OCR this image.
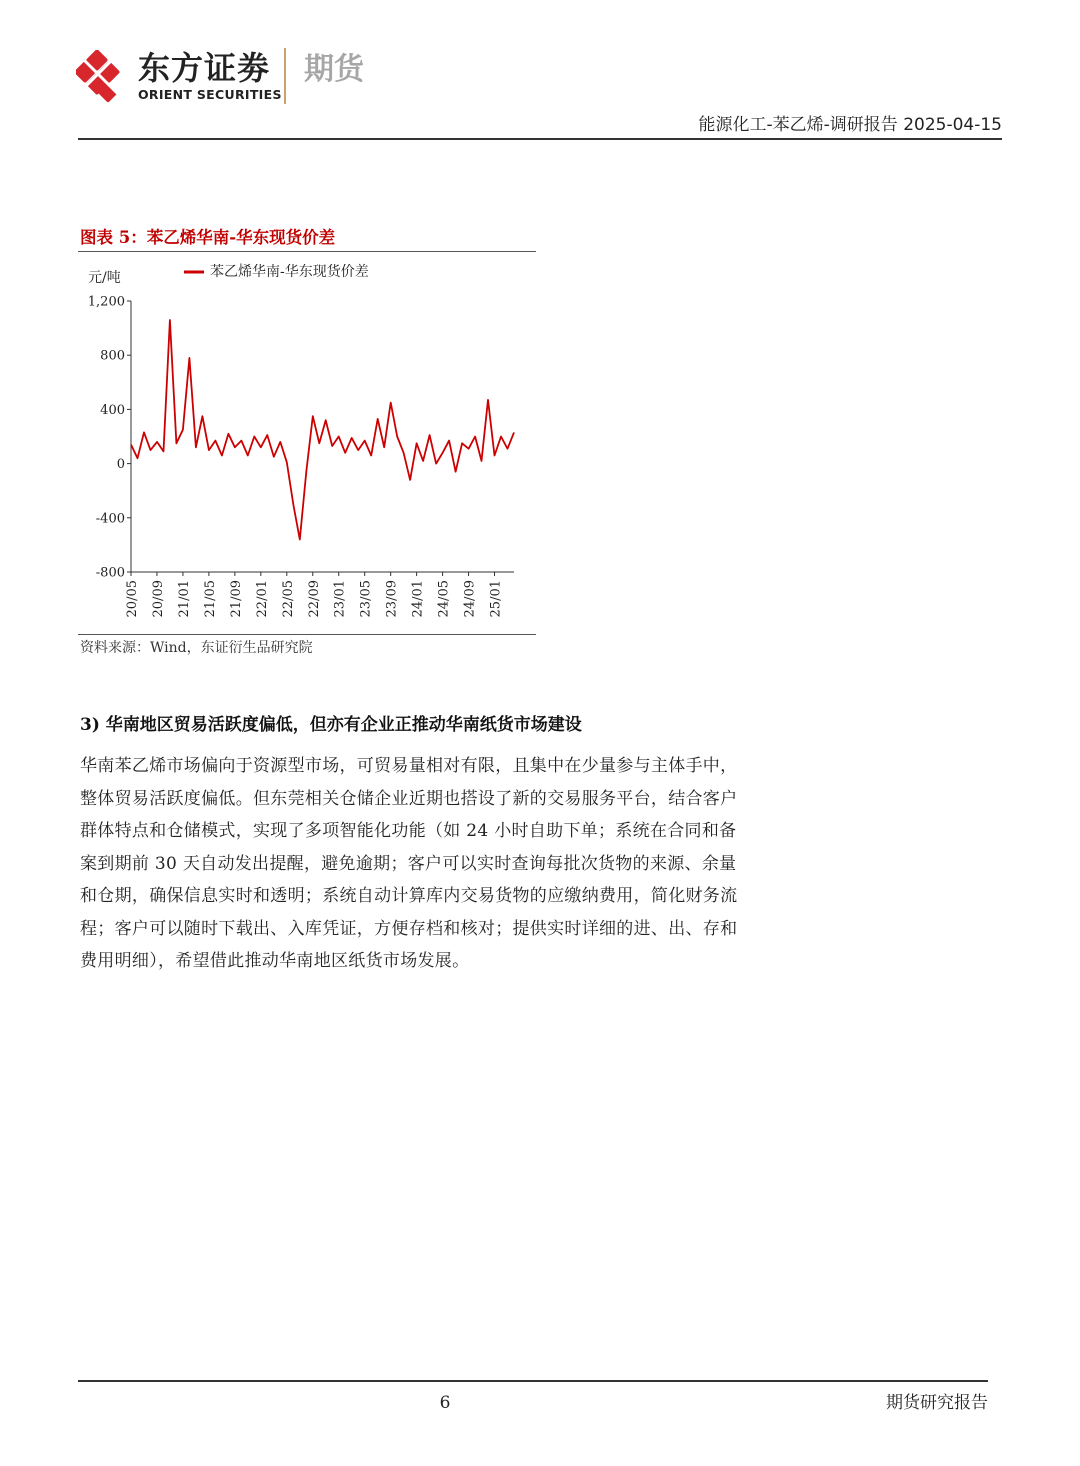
东方证劵
ORIENT SECURITIES
期货
能源化工-苯乙烯-调研报告 2025-04-15
图表 5：苯乙烯华南-华东现货价差
元/吨	苯乙烯华南-华东现货价差
1,200
800
400
0
-400
-800
20/05 20/09 21/01 21/05 21/09 22/01 22/05 22/09 23/01 23/05 23/09 24/01 24/05 24/09 25/01
资料来源：Wind，东证衍生品研究院
3) 华南地区贸易活跃度偏低，但亦有企业正推动华南纸货市场建设
华南苯乙烯市场偏向于资源型市场，可贸易量相对有限，且集中在少量参与主体手中，
整体贸易活跃度偏低。但东莞相关仓储企业近期也搭设了新的交易服务平台，结合客户
群体特点和仓储模式，实现了多项智能化功能（如 24 小时自助下单；系统在合同和备
案到期前 30 天自动发出提醒，避免逾期；客户可以实时查询每批次货物的来源、余量
和仓期，确保信息实时和透明；系统自动计算库内交易货物的应缴纳费用，简化财务流
程；客户可以随时下载出、入库凭证，方便存档和核对；提供实时详细的进、出、存和
费用明细），希望借此推动华南地区纸货市场发展。
6	期货研究报告
